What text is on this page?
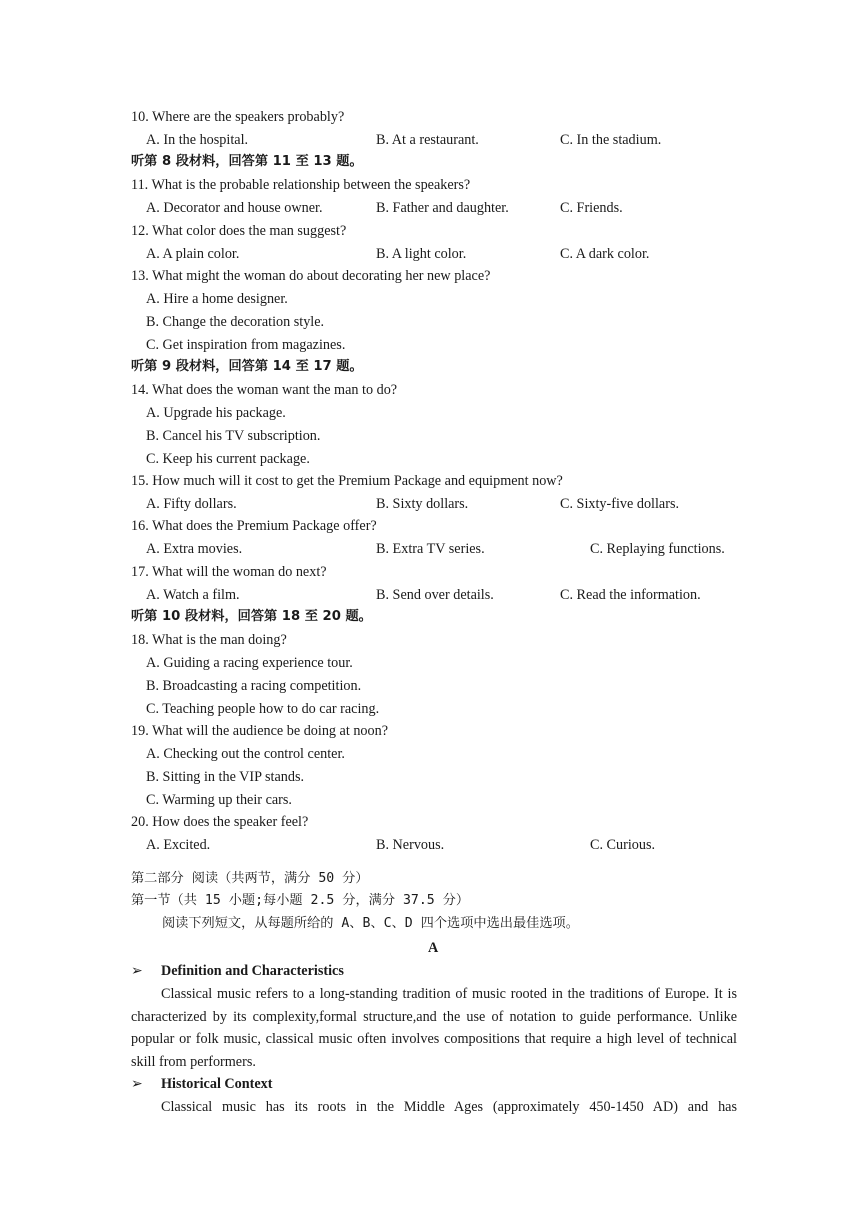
10. Where are the speakers probably?
A. In the hospital.	B. At a restaurant.	C. In the stadium.
听第 8 段材料，回答第 11 至 13 题。
11. What is the probable relationship between the speakers?
A. Decorator and house owner.	B. Father and daughter.	C. Friends.
12. What color does the man suggest?
A. A plain color.	B. A light color.	C. A dark color.
13. What might the woman do about decorating her new place?
A. Hire a home designer.
B. Change the decoration style.
C. Get inspiration from magazines.
听第 9 段材料，回答第 14 至 17 题。
14. What does the woman want the man to do?
A. Upgrade his package.
B. Cancel his TV subscription.
C. Keep his current package.
15. How much will it cost to get the Premium Package and equipment now?
A. Fifty dollars.	B. Sixty dollars.	C. Sixty-five dollars.
16. What does the Premium Package offer?
A. Extra movies.	B. Extra TV series.	C. Replaying functions.
17. What will the woman do next?
A. Watch a film.	B. Send over details.	C. Read the information.
听第 10 段材料，回答第 18 至 20 题。
18. What is the man doing?
A. Guiding a racing experience tour.
B. Broadcasting a racing competition.
C. Teaching people how to do car racing.
19. What will the audience be doing at noon?
A. Checking out the control center.
B. Sitting in the VIP stands.
C. Warming up their cars.
20. How does the speaker feel?
A. Excited.	B. Nervous.	C. Curious.
第二部分 阅读（共两节，满分 50 分）
第一节（共 15 小题;每小题 2.5 分，满分 37.5 分）
阅读下列短文，从每题所给的 A、B、C、D 四个选项中选出最佳选项。
A
➢ Definition and Characteristics
Classical music refers to a long-standing tradition of music rooted in the traditions of Europe. It is characterized by its complexity,formal structure,and the use of notation to guide performance. Unlike popular or folk music, classical music often involves compositions that require a high level of technical skill from performers.
➢ Historical Context
Classical music has its roots in the Middle Ages (approximately 450-1450 AD) and has
